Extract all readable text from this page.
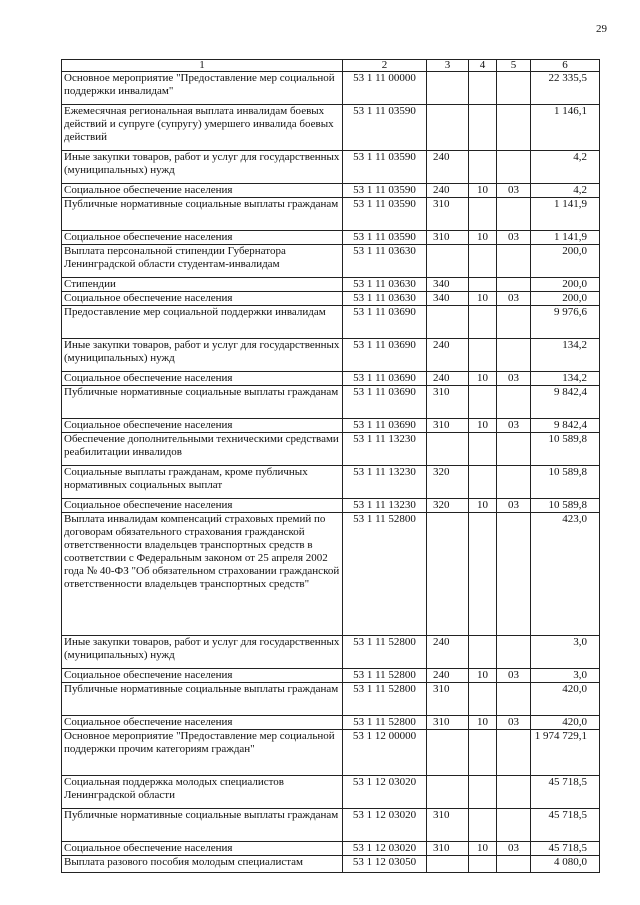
29
1	2	3	4	5	6
Основное мероприятие "Предоставление мер социальной поддержки инвалидам"	53 1 11 00000				22 335,5
Ежемесячная региональная выплата инвалидам боевых действий и супруге (супругу) умершего инвалида боевых действий	53 1 11 03590				1 146,1
Иные закупки товаров, работ и услуг для государственных (муниципальных) нужд	53 1 11 03590	240			4,2
Социальное обеспечение населения	53 1 11 03590	240	10	03	4,2
Публичные нормативные социальные выплаты гражданам	53 1 11 03590	310			1 141,9
Социальное обеспечение населения	53 1 11 03590	310	10	03	1 141,9
Выплата персональной стипендии Губернатора Ленинградской области студентам-инвалидам	53 1 11 03630				200,0
Стипендии	53 1 11 03630	340			200,0
Социальное обеспечение населения	53 1 11 03630	340	10	03	200,0
Предоставление мер социальной поддержки инвалидам	53 1 11 03690				9 976,6
Иные закупки товаров, работ и услуг для государственных (муниципальных) нужд	53 1 11 03690	240			134,2
Социальное обеспечение населения	53 1 11 03690	240	10	03	134,2
Публичные нормативные социальные выплаты гражданам	53 1 11 03690	310			9 842,4
Социальное обеспечение населения	53 1 11 03690	310	10	03	9 842,4
Обеспечение дополнительными техническими средствами реабилитации инвалидов	53 1 11 13230				10 589,8
Социальные выплаты гражданам, кроме публичных нормативных социальных выплат	53 1 11 13230	320			10 589,8
Социальное обеспечение населения	53 1 11 13230	320	10	03	10 589,8
Выплата инвалидам компенсаций страховых премий по договорам обязательного страхования гражданской ответственности владельцев транспортных средств в соответствии с Федеральным законом от 25 апреля 2002 года № 40-ФЗ "Об обязательном страховании гражданской ответственности владельцев транспортных средств"	53 1 11 52800				423,0
Иные закупки товаров, работ и услуг для государственных (муниципальных) нужд	53 1 11 52800	240			3,0
Социальное обеспечение населения	53 1 11 52800	240	10	03	3,0
Публичные нормативные социальные выплаты гражданам	53 1 11 52800	310			420,0
Социальное обеспечение населения	53 1 11 52800	310	10	03	420,0
Основное мероприятие "Предоставление мер социальной поддержки прочим категориям граждан"	53 1 12 00000				1 974 729,1
Социальная поддержка молодых специалистов Ленинградской области	53 1 12 03020				45 718,5
Публичные нормативные социальные выплаты гражданам	53 1 12 03020	310			45 718,5
Социальное обеспечение населения	53 1 12 03020	310	10	03	45 718,5
Выплата разового пособия молодым специалистам	53 1 12 03050				4 080,0
